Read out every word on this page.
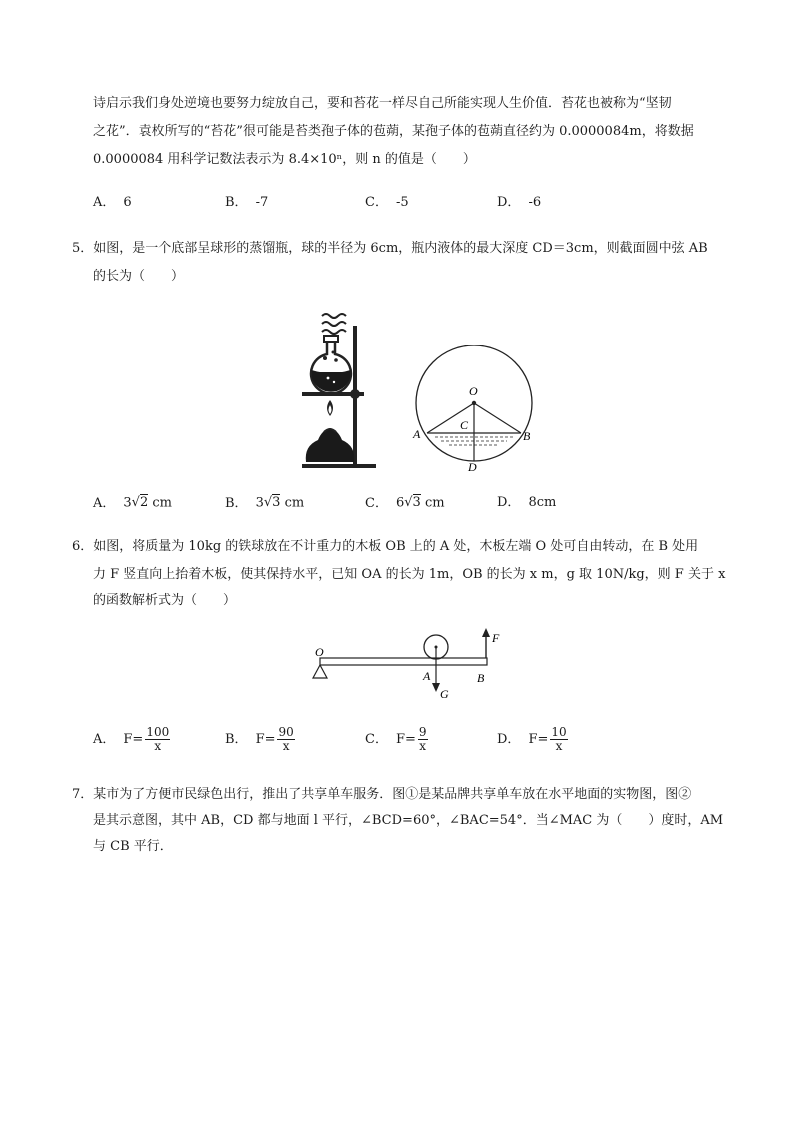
诗启示我们身处逆境也要努力绽放自己，要和苔花一样尽自己所能实现人生价值．苔花也被称为“坚韧
之花”．袁枚所写的“苔花”很可能是苔类孢子体的苞蒴，某孢子体的苞蒴直径约为 0.0000084m，将数据
0.0000084 用科学记数法表示为 8.4×10ⁿ，则 n 的值是（　　）
A． 6	B． -7	C． -5	D． -6
5．如图，是一个底部呈球形的蒸馏瓶，球的半径为 6cm，瓶内液体的最大深度 CD＝3cm，则截面圆中弦 AB
的长为（　　）
O
A	B
C
D
A． 3√2 cm	B． 3√3 cm	C． 6√3 cm	D． 8cm
6．如图，将质量为 10kg 的铁球放在不计重力的木板 OB 上的 A 处，木板左端 O 处可自由转动，在 B 处用
力 F 竖直向上抬着木板，使其保持水平，已知 OA 的长为 1m，OB 的长为 x m，g 取 10N/kg，则 F 关于 x
的函数解析式为（　　）
O
A	B
F
G
A． $F= \frac{100}{x}$	B． $F= \frac{90}{x}$	C． $F= \frac{9}{x}$	D． $F= \frac{10}{x}$
7．某市为了方便市民绿色出行，推出了共享单车服务．图①是某品牌共享单车放在水平地面的实物图，图②
是其示意图，其中 AB，CD 都与地面 l 平行，∠BCD=60°，∠BAC=54°．当∠MAC 为（　　）度时，AM
与 CB 平行．
